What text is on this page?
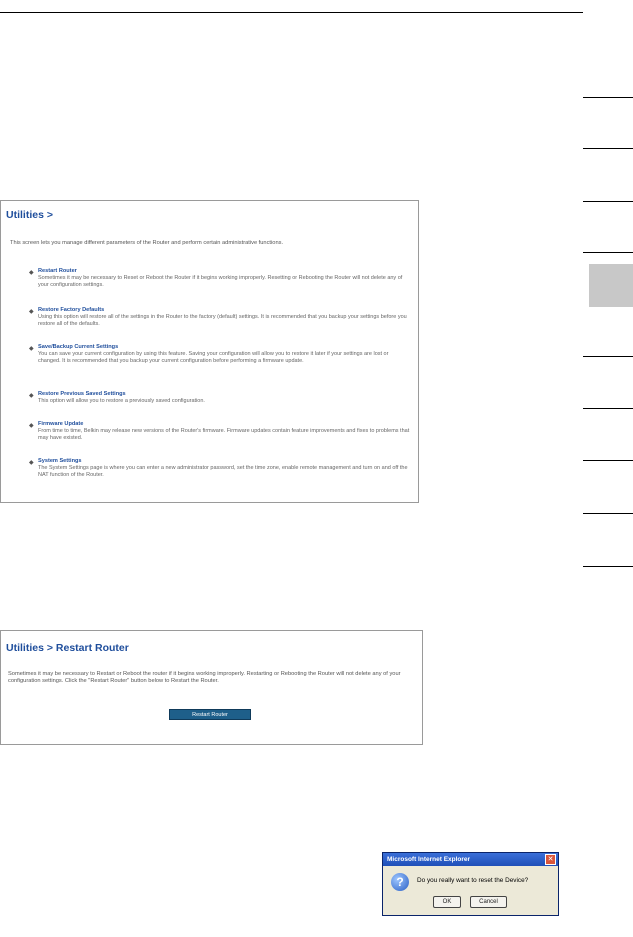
Utilities >
This screen lets you manage different parameters of the Router and perform certain administrative functions.
◆ Restart Router
Sometimes it may be necessary to Reset or Reboot the Router if it begins working improperly. Resetting or Rebooting the Router will not delete any of your configuration settings.
◆ Restore Factory Defaults
Using this option will restore all of the settings in the Router to the factory (default) settings. It is recommended that you backup your settings before you restore all of the defaults.
◆ Save/Backup Current Settings
You can save your current configuration by using this feature. Saving your configuration will allow you to restore it later if your settings are lost or changed. It is recommended that you backup your current configuration before performing a firmware update.
◆ Restore Previous Saved Settings
This option will allow you to restore a previously saved configuration.
◆ Firmware Update
From time to time, Belkin may release new versions of the Router's firmware. Firmware updates contain feature improvements and fixes to problems that may have existed.
◆ System Settings
The System Settings page is where you can enter a new administrator password, set the time zone, enable remote management and turn on and off the NAT function of the Router.
Utilities > Restart Router
Sometimes it may be necessary to Restart or Reboot the router if it begins working improperly. Restarting or Rebooting the Router will not delete any of your configuration settings. Click the "Restart Router" button below to Restart the Router.
Restart Router
Microsoft Internet Explorer	✕
?	Do you really want to reset the Device?
OK	Cancel
